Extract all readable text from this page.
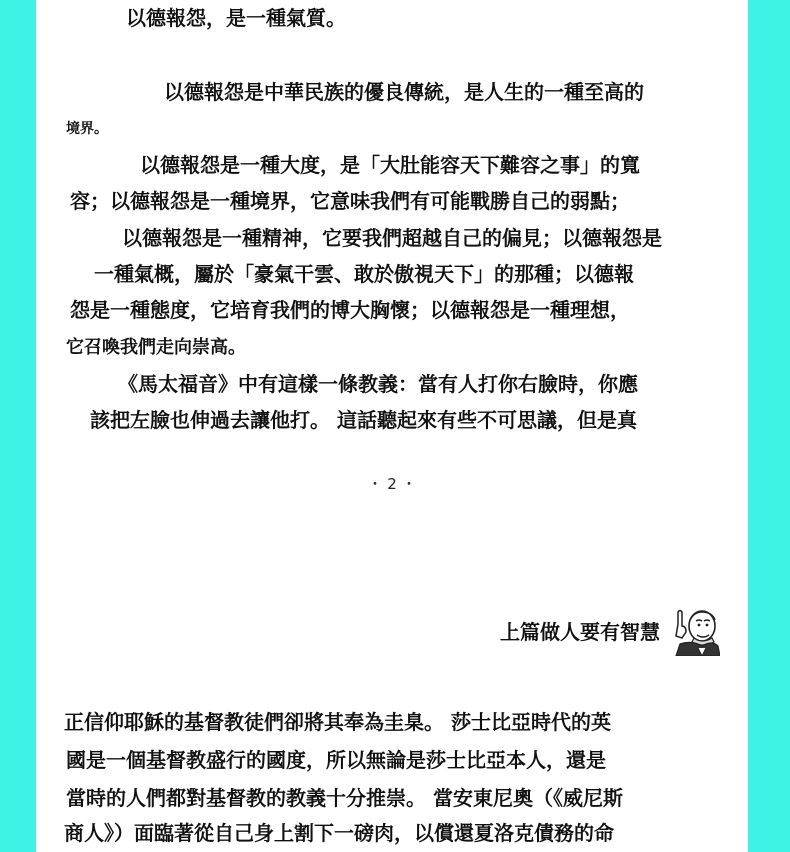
以德報怨，是一種氣質。
以德報怨是中華民族的優良傳統，是人生的一種至高的
境界。
以德報怨是一種大度，是「大肚能容天下難容之事」的寬
容；以德報怨是一種境界，它意味我們有可能戰勝自己的弱點；
以德報怨是一種精神，它要我們超越自己的偏見；以德報怨是
一種氣概，屬於「豪氣干雲、敢於傲視天下」的那種；以德報
怨是一種態度，它培育我們的博大胸懷；以德報怨是一種理想，
它召喚我們走向崇高。
《馬太福音》中有這樣一條教義：當有人打你右臉時，你應
該把左臉也伸過去讓他打。 這話聽起來有些不可思議，但是真
・ 2 ・
上篇做人要有智慧
正信仰耶穌的基督教徒們卻將其奉為圭臬。 莎士比亞時代的英
國是一個基督教盛行的國度，所以無論是莎士比亞本人，還是
當時的人們都對基督教的教義十分推崇。 當安東尼奧（《威尼斯
商人》）面臨著從自己身上割下一磅肉，以償還夏洛克債務的命
